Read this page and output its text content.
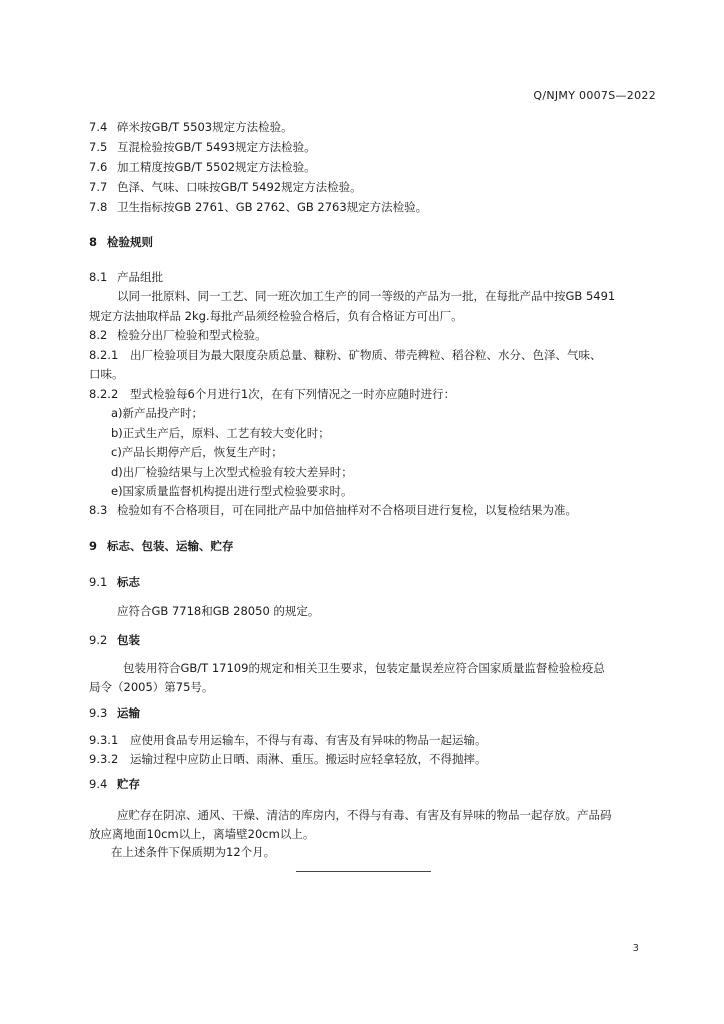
Q/NJMY 0007S—2022
7.4 碎米按GB/T 5503规定方法检验。
7.5 互混检验按GB/T 5493规定方法检验。
7.6 加工精度按GB/T 5502规定方法检验。
7.7 色泽、气味、口味按GB/T 5492规定方法检验。
7.8 卫生指标按GB 2761、GB 2762、GB 2763规定方法检验。
8 检验规则
8.1 产品组批
以同一批原料、同一工艺、同一班次加工生产的同一等级的产品为一批，在每批产品中按GB 5491
规定方法抽取样品 2kg.每批产品须经检验合格后，负有合格证方可出厂。
8.2 检验分出厂检验和型式检验。
8.2.1 出厂检验项目为最大限度杂质总量、糠粉、矿物质、带壳稗粒、稻谷粒、水分、色泽、气味、
口味。
8.2.2 型式检验每6个月进行1次，在有下列情况之一时亦应随时进行：
a)新产品投产时；
b)正式生产后，原料、工艺有较大变化时；
c)产品长期停产后，恢复生产时；
d)出厂检验结果与上次型式检验有较大差异时；
e)国家质量监督机构提出进行型式检验要求时。
8.3 检验如有不合格项目，可在同批产品中加倍抽样对不合格项目进行复检，以复检结果为准。
9 标志、包装、运输、贮存
9.1 标志
应符合GB 7718和GB 28050 的规定。
9.2 包装
包装用符合GB/T 17109的规定和相关卫生要求，包装定量误差应符合国家质量监督检验检疫总
局令（2005）第75号。
9.3 运输
9.3.1 应使用食品专用运输车，不得与有毒、有害及有异味的物品一起运输。
9.3.2 运输过程中应防止日晒、雨淋、重压。搬运时应轻拿轻放，不得抛摔。
9.4 贮存
应贮存在阴凉、通风、干燥、清洁的库房内，不得与有毒、有害及有异味的物品一起存放。产品码
放应离地面10cm以上，离墙壁20cm以上。
在上述条件下保质期为12个月。
3
